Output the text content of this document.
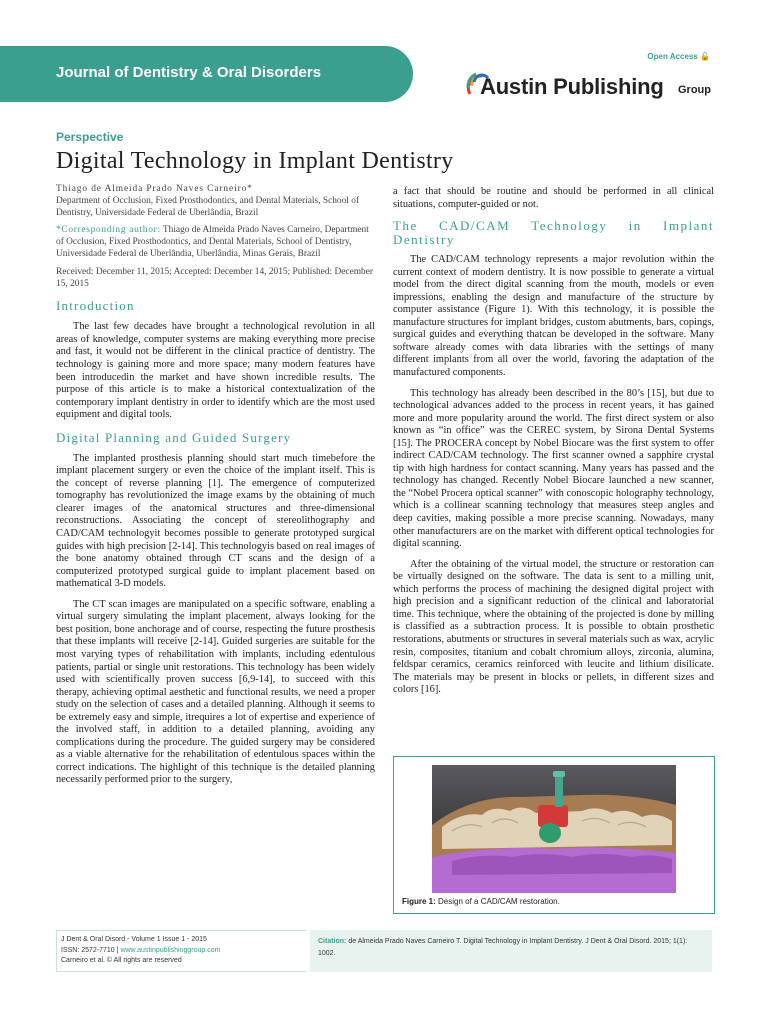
Journal of Dentistry & Oral Disorders
Open Access 🔓
Austin Publishing Group
Perspective
Digital Technology in Implant Dentistry
Thiago de Almeida Prado Naves Carneiro*
Department of Occlusion, Fixed Prosthodontics, and Dental Materials, School of Dentistry, Universidade Federal de Uberlândia, Brazil
*Corresponding author: Thiago de Almeida Prado Naves Carneiro, Department of Occlusion, Fixed Prosthodontics, and Dental Materials, School of Dentistry, Universidade Federal de Uberlândia, Uberlândia, Minas Gerais, Brazil
Received: December 11, 2015; Accepted: December 14, 2015; Published: December 15, 2015
Introduction

The last few decades have brought a technological revolution in all areas of knowledge, computer systems are making everything more precise and fast, it would not be different in the clinical practice of dentistry. The technology is gaining more and more space; many modern features have been introducedin the market and have shown incredible results. The purpose of this article is to make a historical contextualization of the contemporary implant dentistry in order to identify which are the most used equipment and digital tools.

Digital Planning and Guided Surgery

The implanted prosthesis planning should start much timebefore the implant placement surgery or even the choice of the implant itself. This is the concept of reverse planning [1]. The emergence of computerized tomography has revolutionized the image exams by the obtaining of much clearer images of the anatomical structures and three-dimensional reconstructions. Associating the concept of stereolithography and CAD/CAM technologyit becomes possible to generate prototyped surgical guides with high precision [2-14]. This technologyis based on real images of the bone anatomy obtained through CT scans and the design of a computerized prototyped surgical guide to implant placement based on mathematical 3-D models.

The CT scan images are manipulated on a specific software, enabling a virtual surgery simulating the implant placement, always looking for the best position, bone anchorage and of course, respecting the future prosthesis that these implants will receive [2-14]. Guided surgeries are suitable for the most varying types of rehabilitation with implants, including edentulous patients, partial or single unit restorations. This technology has been widely used with scientifically proven success [6,9-14], to succeed with this therapy, achieving optimal aesthetic and functional results, we need a proper study on the selection of cases and a detailed planning. Although it seems to be extremely easy and simple, itrequires a lot of expertise and experience of the involved staff, in addition to a detailed planning, avoiding any complications during the procedure. The guided surgery may be considered as a viable alternative for the rehabilitation of edentulous spaces within the correct indications. The highlight of this technique is the detailed planning necessarily performed prior to the surgery,

a fact that should be routine and should be performed in all clinical situations, computer-guided or not.

The CAD/CAM Technology in Implant Dentistry

The CAD/CAM technology represents a major revolution within the current context of modern dentistry. It is now possible to generate a virtual model from the direct digital scanning from the mouth, models or even impressions, enabling the design and manufacture of the structure by computer assistance (Figure 1). With this technology, it is possible the manufacture structures for implant bridges, custom abutments, bars, copings, surgical guides and everything thatcan be developed in the software. Many software already comes with data libraries with the settings of many different implants from all over the world, favoring the adaptation of the manufactured components.

This technology has already been described in the 80’s [15], but due to technological advances added to the process in recent years, it has gained more and more popularity around the world. The first direct system or also known as “in office” was the CEREC system, by Sirona Dental Systems [15]. The PROCERA concept by Nobel Biocare was the first system to offer indirect CAD/CAM technology. The first scanner owned a sapphire crystal tip with high hardness for contact scanning. Many years has passed and the technology has changed. Recently Nobel Biocare launched a new scanner, the “Nobel Procera optical scanner” with conoscopic holography technology, which is a collinear scanning technology that measures steep angles and deep cavities, making possible a more precise scanning. Nowadays, many other manufacturers are on the market with different optical technologies for digital scanning.

After the obtaining of the virtual model, the structure or restoration can be virtually designed on the software. The data is sent to a milling unit, which performs the process of machining the designed digital project with high precision and a significant reduction of the clinical and laboratorial time. This technique, where the obtaining of the projected is done by milling is classified as a subtraction process. It is possible to obtain prosthetic restorations, abutments or structures in several materials such as wax, acrylic resin, composites, titanium and cobalt chromium alloys, zirconia, alumina, feldspar ceramics, ceramics reinforced with leucite and lithium disilicate. The materials may be present in blocks or pellets, in different sizes and colors [16].

Figure 1: Design of a CAD/CAM restoration.
J Dent & Oral Disord - Volume 1 Issue 1 - 2015
ISSN: 2572-7710 | www.austinpublishinggroup.com
Carneiro et al. © All rights are reserved
Citation: de Almeida Prado Naves Carneiro T. Digital Technology in Implant Dentistry. J Dent & Oral Disord. 2015; 1(1): 1002.
